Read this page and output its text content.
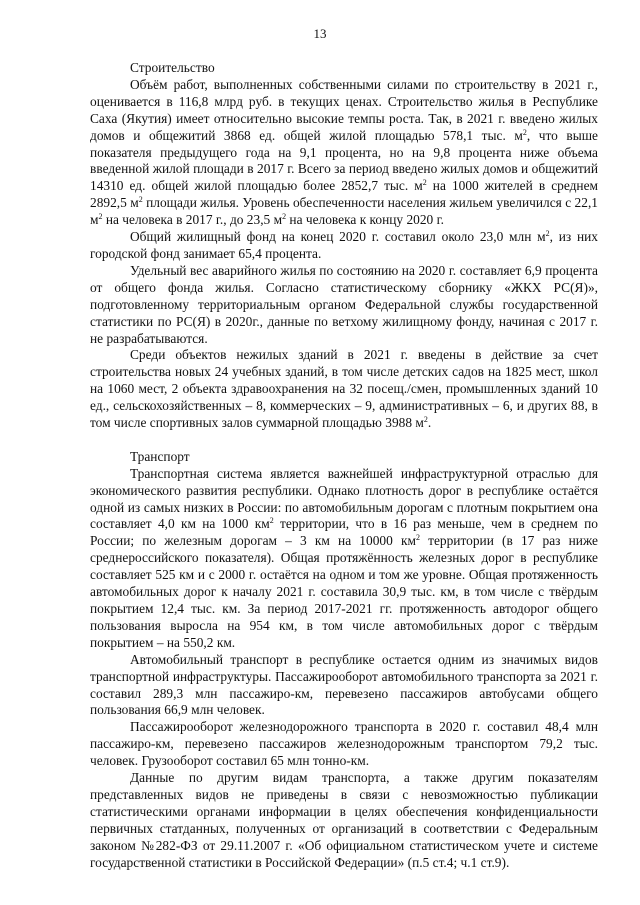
13

Строительство

Объём работ, выполненных собственными силами по строительству в 2021 г., оценивается в 116,8 млрд руб. в текущих ценах. Строительство жилья в Республике Саха (Якутия) имеет относительно высокие темпы роста. Так, в 2021 г. введено жилых домов и общежитий 3868 ед. общей жилой площадью 578,1 тыс. $м^2$, что выше показателя предыдущего года на 9,1 процента, но на 9,8 процента ниже объема введенной жилой площади в 2017 г. Всего за период введено жилых домов и общежитий 14310 ед. общей жилой площадью более 2852,7 тыс. $м^2$ на 1000 жителей в среднем 2892,5 $м^2$ площади жилья. Уровень обеспеченности населения жильем увеличился с 22,1 $м^2$ на человека в 2017 г., до 23,5 $м^2$ на человека к концу 2020 г.

Общий жилищный фонд на конец 2020 г. составил около 23,0 млн $м^2$, из них городской фонд занимает 65,4 процента.

Удельный вес аварийного жилья по состоянию на 2020 г. составляет 6,9 процента от общего фонда жилья. Согласно статистическому сборнику «ЖКХ РС(Я)», подготовленному территориальным органом Федеральной службы государственной статистики по РС(Я) в 2020г., данные по ветхому жилищному фонду, начиная с 2017 г. не разрабатываются.

Среди объектов нежилых зданий в 2021 г. введены в действие за счет строительства новых 24 учебных зданий, в том числе детских садов на 1825 мест, школ на 1060 мест, 2 объекта здравоохранения на 32 посещ./смен, промышленных зданий 10 ед., сельскохозяйственных – 8, коммерческих – 9, административных – 6, и других 88, в том числе спортивных залов суммарной площадью 3988 $м^2$.

Транспорт

Транспортная система является важнейшей инфраструктурной отраслью для экономического развития республики. Однако плотность дорог в республике остаётся одной из самых низких в России: по автомобильным дорогам с плотным покрытием она составляет 4,0 км на 1000 $км^2$ территории, что в 16 раз меньше, чем в среднем по России; по железным дорогам – 3 км на 10000 $км^2$ территории (в 17 раз ниже среднероссийского показателя). Общая протяжённость железных дорог в республике составляет 525 км и с 2000 г. остаётся на одном и том же уровне. Общая протяженность автомобильных дорог к началу 2021 г. составила 30,9 тыс. км, в том числе с твёрдым покрытием 12,4 тыс. км. За период 2017-2021 гг. протяженность автодорог общего пользования выросла на 954 км, в том числе автомобильных дорог с твёрдым покрытием – на 550,2 км.

Автомобильный транспорт в республике остается одним из значимых видов транспортной инфраструктуры. Пассажирооборот автомобильного транспорта за 2021 г. составил 289,3 млн пассажиро-км, перевезено пассажиров автобусами общего пользования 66,9 млн человек.

Пассажирооборот железнодорожного транспорта в 2020 г. составил 48,4 млн пассажиро-км, перевезено пассажиров железнодорожным транспортом 79,2 тыс. человек. Грузооборот составил 65 млн тонно-км.

Данные по другим видам транспорта, а также другим показателям представленных видов не приведены в связи с невозможностью публикации статистическими органами информации в целях обеспечения конфиденциальности первичных статданных, полученных от организаций в соответствии с Федеральным законом №282-ФЗ от 29.11.2007 г. «Об официальном статистическом учете и системе государственной статистики в Российской Федерации» (п.5 ст.4; ч.1 ст.9).
